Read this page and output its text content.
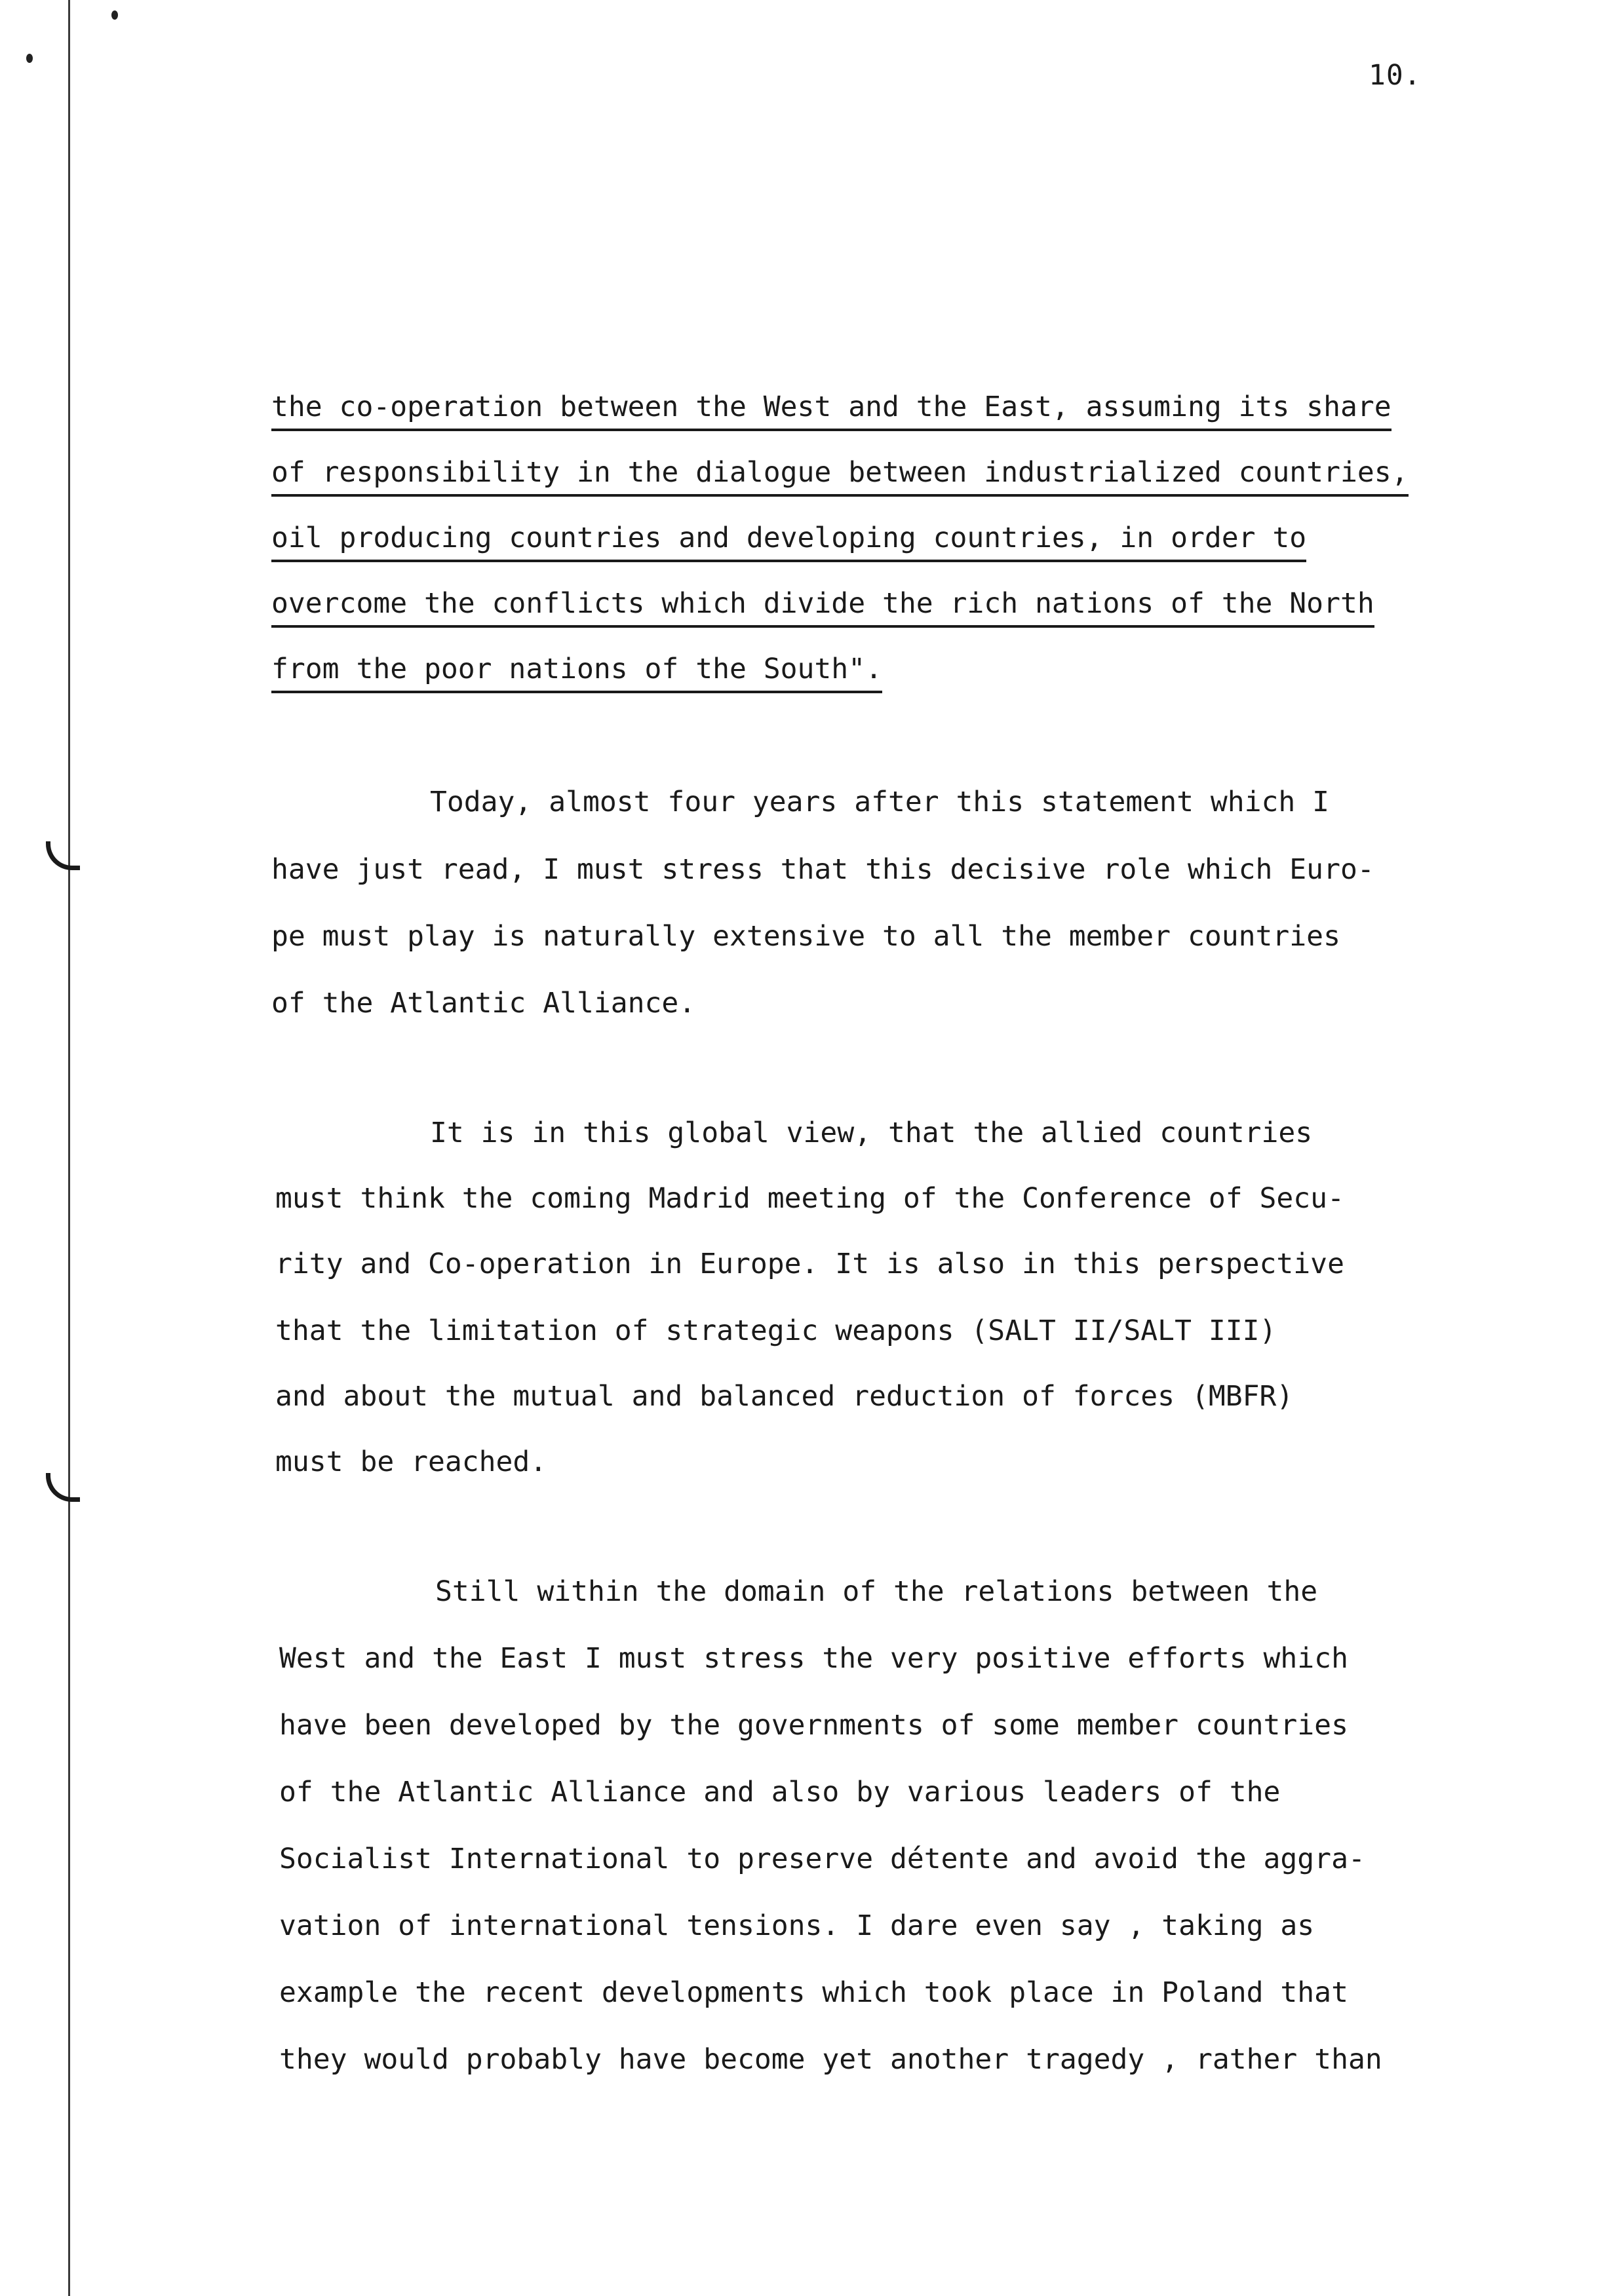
10.
the co-operation between the West and the East, assuming its share
of responsibility in the dialogue between industrialized countries,
oil producing countries and developing countries, in order to
overcome the conflicts which divide the rich nations of the North
from the poor nations of the South".
Today, almost four years after this statement which I
have just read, I must stress that this decisive role which Euro-
pe must play is naturally extensive to all the member countries
of the Atlantic Alliance.
It is in this global view, that the allied countries
must think the coming Madrid meeting of the Conference of Secu-
rity and Co-operation in Europe. It is also in this perspective
that the limitation of strategic weapons (SALT II/SALT III)
and about the mutual and balanced reduction of forces (MBFR)
must be reached.
Still within the domain of the relations between the
West and the East I must stress the very positive efforts which
have been developed by the governments of some member countries
of the Atlantic Alliance and also by various leaders of the
Socialist International to preserve détente and avoid the aggra-
vation of international tensions. I dare even say , taking as
example the recent developments which took place in Poland that
they would probably have become yet another tragedy , rather than
